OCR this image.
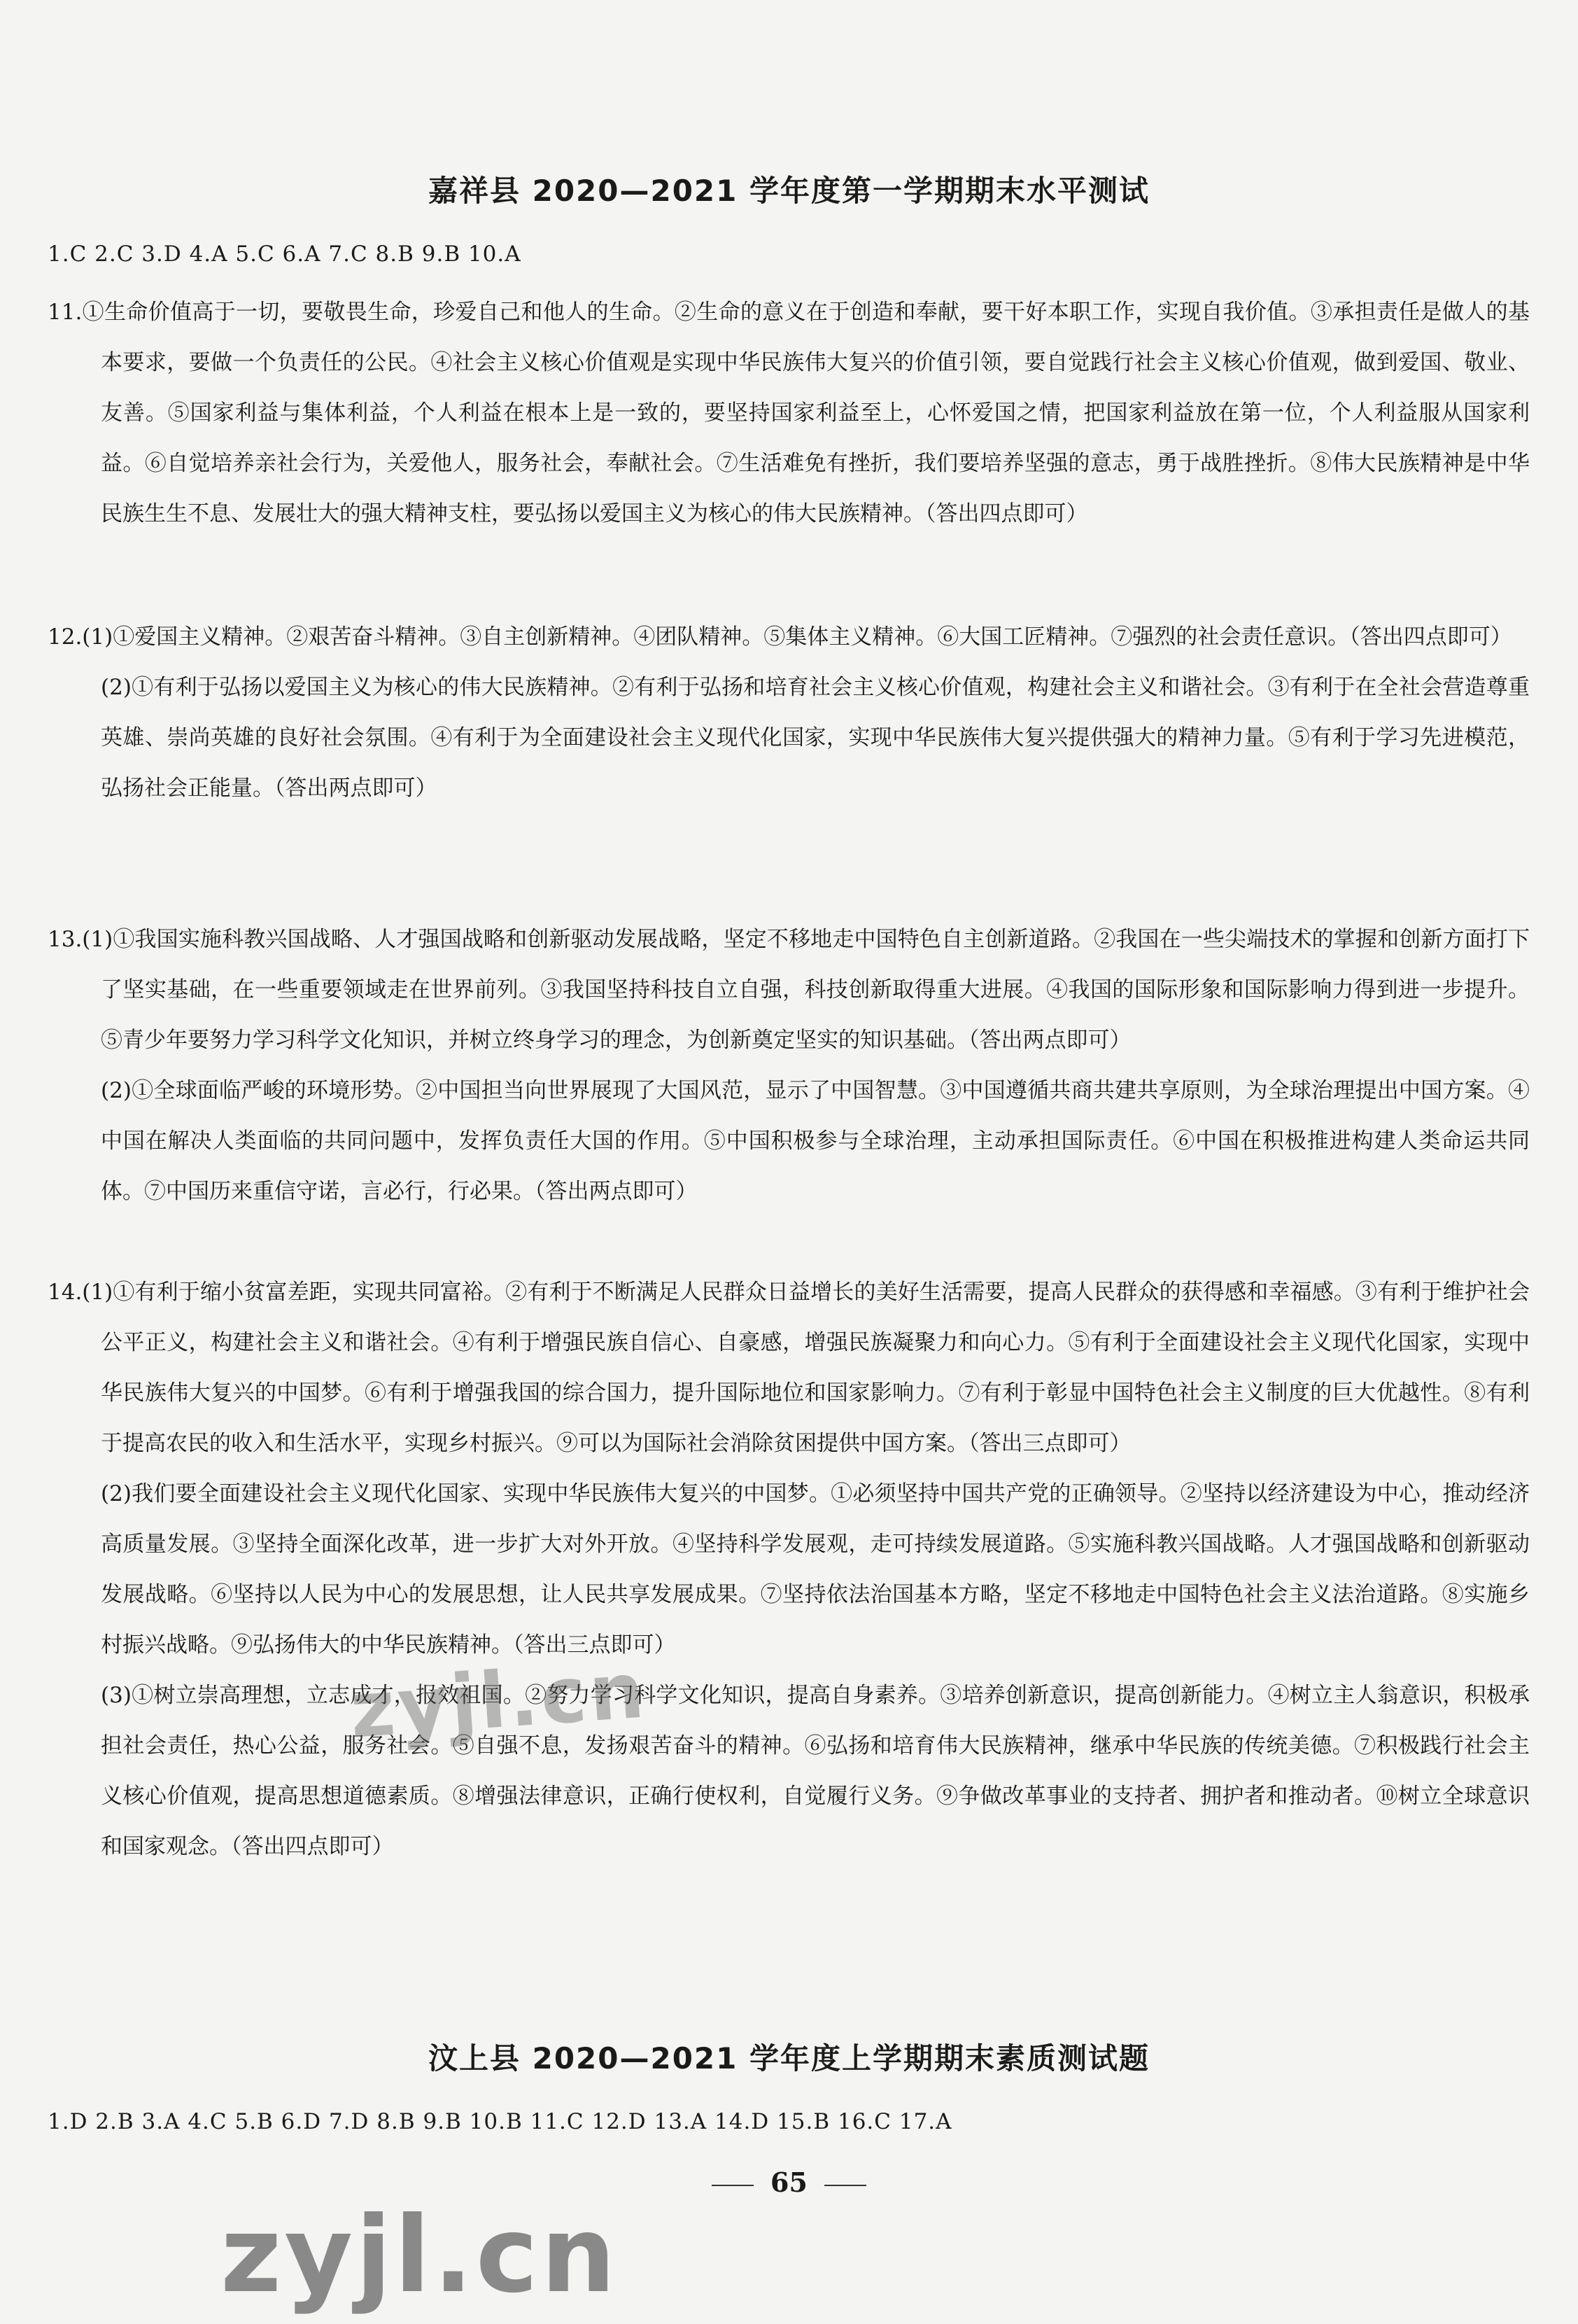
嘉祥县 2020—2021 学年度第一学期期末水平测试
1.C 2.C 3.D 4.A 5.C 6.A 7.C 8.B 9.B 10.A

11.①生命价值高于一切，要敬畏生命，珍爱自己和他人的生命。②生命的意义在于创造和奉献，要干好本职工作，实现自我价值。③承担责任是做人的基本要求，要做一个负责任的公民。④社会主义核心价值观是实现中华民族伟大复兴的价值引领，要自觉践行社会主义核心价值观，做到爱国、敬业、友善。⑤国家利益与集体利益，个人利益在根本上是一致的，要坚持国家利益至上，心怀爱国之情，把国家利益放在第一位，个人利益服从国家利益。⑥自觉培养亲社会行为，关爱他人，服务社会，奉献社会。⑦生活难免有挫折，我们要培养坚强的意志，勇于战胜挫折。⑧伟大民族精神是中华民族生生不息、发展壮大的强大精神支柱，要弘扬以爱国主义为核心的伟大民族精神。（答出四点即可）

12.(1)①爱国主义精神。②艰苦奋斗精神。③自主创新精神。④团队精神。⑤集体主义精神。⑥大国工匠精神。⑦强烈的社会责任意识。（答出四点即可）

(2)①有利于弘扬以爱国主义为核心的伟大民族精神。②有利于弘扬和培育社会主义核心价值观，构建社会主义和谐社会。③有利于在全社会营造尊重英雄、崇尚英雄的良好社会氛围。④有利于为全面建设社会主义现代化国家，实现中华民族伟大复兴提供强大的精神力量。⑤有利于学习先进模范，弘扬社会正能量。（答出两点即可）

13.(1)①我国实施科教兴国战略、人才强国战略和创新驱动发展战略，坚定不移地走中国特色自主创新道路。②我国在一些尖端技术的掌握和创新方面打下了坚实基础，在一些重要领域走在世界前列。③我国坚持科技自立自强，科技创新取得重大进展。④我国的国际形象和国际影响力得到进一步提升。⑤青少年要努力学习科学文化知识，并树立终身学习的理念，为创新奠定坚实的知识基础。（答出两点即可）

(2)①全球面临严峻的环境形势。②中国担当向世界展现了大国风范，显示了中国智慧。③中国遵循共商共建共享原则，为全球治理提出中国方案。④中国在解决人类面临的共同问题中，发挥负责任大国的作用。⑤中国积极参与全球治理，主动承担国际责任。⑥中国在积极推进构建人类命运共同体。⑦中国历来重信守诺，言必行，行必果。（答出两点即可）

14.(1)①有利于缩小贫富差距，实现共同富裕。②有利于不断满足人民群众日益增长的美好生活需要，提高人民群众的获得感和幸福感。③有利于维护社会公平正义，构建社会主义和谐社会。④有利于增强民族自信心、自豪感，增强民族凝聚力和向心力。⑤有利于全面建设社会主义现代化国家，实现中华民族伟大复兴的中国梦。⑥有利于增强我国的综合国力，提升国际地位和国家影响力。⑦有利于彰显中国特色社会主义制度的巨大优越性。⑧有利于提高农民的收入和生活水平，实现乡村振兴。⑨可以为国际社会消除贫困提供中国方案。（答出三点即可）

(2)我们要全面建设社会主义现代化国家、实现中华民族伟大复兴的中国梦。①必须坚持中国共产党的正确领导。②坚持以经济建设为中心，推动经济高质量发展。③坚持全面深化改革，进一步扩大对外开放。④坚持科学发展观，走可持续发展道路。⑤实施科教兴国战略。人才强国战略和创新驱动发展战略。⑥坚持以人民为中心的发展思想，让人民共享发展成果。⑦坚持依法治国基本方略，坚定不移地走中国特色社会主义法治道路。⑧实施乡村振兴战略。⑨弘扬伟大的中华民族精神。（答出三点即可）

(3)①树立崇高理想，立志成才，报效祖国。②努力学习科学文化知识，提高自身素养。③培养创新意识，提高创新能力。④树立主人翁意识，积极承担社会责任，热心公益，服务社会。⑤自强不息，发扬艰苦奋斗的精神。⑥弘扬和培育伟大民族精神，继承中华民族的传统美德。⑦积极践行社会主义核心价值观，提高思想道德素质。⑧增强法律意识，正确行使权利，自觉履行义务。⑨争做改革事业的支持者、拥护者和推动者。⑩树立全球意识和国家观念。（答出四点即可）

汶上县 2020—2021 学年度上学期期末素质测试题
1.D 2.B 3.A 4.C 5.B 6.D 7.D 8.B 9.B 10.B 11.C 12.D 13.A 14.D 15.B 16.C 17.A
65
zyjl.cn
zyjl.cn
